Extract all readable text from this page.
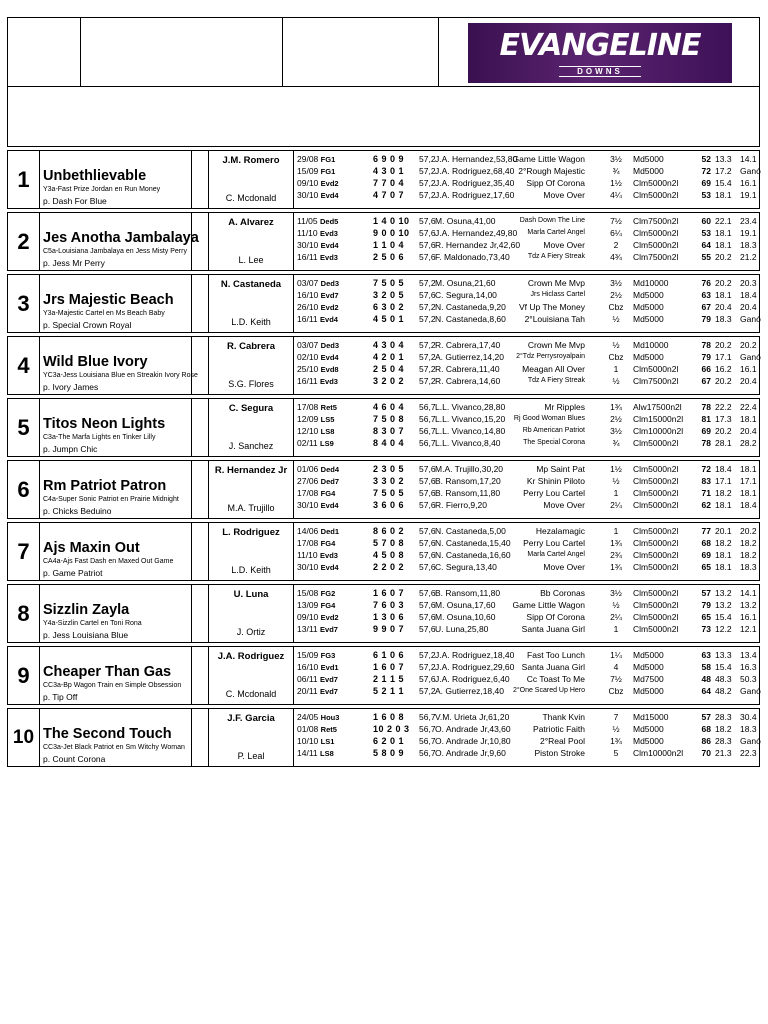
EVANGELINE
DOWNS
1 Unbethlievable
Y3a-Fast Prize Jordan en Run Money
p. Dash For Blue
J.M. Romero
C. Mcdonald
29/08 FG1	6 9 0 9 57,2 J.A. Hernandez,53,80
Game Little Wagon	3½	Md5000	52 13.3 14.1
15/09 FG1	4 3 0 1 57,2 J.A. Rodriguez,68,40 2°Rough Majestic	¾	Md5000	72 17.2 Ganó
09/10 Evd2	7 7 0 4 57,2 J.A. Rodriguez,35,40 Sipp Of Corona	1½	Clm5000n2l	69 15.4 16.1
30/10 Evd4	4 7 0 7 57,2 J.A. Rodriguez,17,60	Move Over	4¼	Clm5000n2l	53 18.1 19.1
2 Jes Anotha Jambalaya
C5a-Louisiana Jambalaya en Jess Misty Perry
p. Jess Mr Perry
A. Alvarez
L. Lee
11/05 Ded5	1 4 0 10 57,6 M. Osuna,41,00	Dash Down The Line	7½	Clm7500n2l	60 22.1 23.4
11/10 Evd3	9 0 0 10 57,6 J.A. Hernandez,49,80 Marla Cartel Angel	6¼	Clm5000n2l	53 18.1 19.1
30/10 Evd4	1 1 0 4 57,6 R. Hernandez Jr,42,60	Move Over	2	Clm5000n2l	64 18.1 18.3
16/11 Evd3	2 5 0 6 57,6 F. Maldonado,73,40	Tdz A Fiery Streak	4¾	Clm7500n2l	55 20.2 21.2
3 Jrs Majestic Beach
Y3a-Majestic Cartel en Ms Beach Baby
p. Special Crown Royal
N. Castaneda
L.D. Keith
03/07 Ded3	7 5 0 5 57,2 M. Osuna,21,60	Crown Me Mvp	3½	Md10000	76 20.2 20.3
16/10 Evd7	3 2 0 5 57,6 C. Segura,14,00	Jrs Hiclass Cartel	2½	Md5000	63 18.1 18.4
26/10 Evd2	6 3 0 2 57,2 N. Castaneda,9,20 Vf Up The Money	Cbz	Md5000	67 20.4 20.4
16/11 Evd4	4 5 0 1 57,2 N. Castaneda,8,60 2°Louisiana Tah	½	Md5000	79 18.3 Ganó
4 Wild Blue Ivory
YC3a-Jess Louisiana Blue en Streakin Ivory Rose
p. Ivory James
R. Cabrera
S.G. Flores
03/07 Ded3	4 3 0 4 57,2 R. Cabrera,17,40	Crown Me Mvp	½	Md10000	78 20.2 20.2
02/10 Evd4	4 2 0 1 57,2 A. Gutierrez,14,20 2°Tdz Perrysroyalpain	Cbz	Md5000	79 17.1 Ganó
25/10 Evd8	2 5 0 4 57,2 R. Cabrera,11,40	Meagan All Over	1	Clm5000n2l	66 16.2 16.1
16/11 Evd3	3 2 0 2 57,2 R. Cabrera,14,60	Tdz A Fiery Streak	½	Clm7500n2l	67 20.2 20.4
5 Titos Neon Lights
C3a-The Marfa Lights en Tinker Lilly
p. Jumpn Chic
C. Segura
J. Sanchez
17/08 Ret5	4 6 0 4 56,7 L.L. Vivanco,28,80	Mr Ripples	1¾	Alw17500n2l	78 22.2 22.4
12/09 LS5	7 5 0 8 56,7 L.L. Vivanco,15,20 Rj Good Woman Blues	2½	Clm15000n2l	81 17.3 18.1
12/10 LS8	8 3 0 7 56,7 L.L. Vivanco,14,80 Rb American Patriot	3½	Clm10000n2l	69 20.2 20.4
02/11 LS9	8 4 0 4 56,7 L.L. Vivanco,8,40	The Special Corona	¾	Clm5000n2l	78 28.1 28.2
6 Rm Patriot Patron
C4a-Super Sonic Patriot en Prairie Midnight
p. Chicks Beduino
R. Hernandez Jr
M.A. Trujillo
01/06 Ded4	2 3 0 5 57,6 M.A. Trujillo,30,20	Mp Saint Pat	1½	Clm5000n2l	72 18.4 18.1
27/06 Ded7	3 3 0 2 57,6 B. Ransom,17,20	Kr Shinin Piloto	½	Clm5000n2l	83 17.1 17.1
17/08 FG4	7 5 0 5 57,6 B. Ransom,11,80	Perry Lou Cartel	1	Clm5000n2l	71 18.2 18.1
30/10 Evd4	3 6 0 6 57,6 R. Fierro,9,20	Move Over	2¼	Clm5000n2l	62 18.1 18.4
7 Ajs Maxin Out
CA4a-Ajs Fast Dash en Maxed Out Game
p. Game Patriot
L. Rodriguez
L.D. Keith
14/06 Ded1	8 6 0 2 57,6 N. Castaneda,5,00	Hezalamagic	1	Clm5000n2l	77 20.1 20.2
17/08 FG4	5 7 0 8 57,6 N. Castaneda,15,40 Perry Lou Cartel	1¾	Clm5000n2l	68 18.2 18.2
11/10 Evd3	4 5 0 8 57,6 N. Castaneda,16,60 Marla Cartel Angel	2¾	Clm5000n2l	69 18.1 18.2
30/10 Evd4	2 2 0 2 57,6 C. Segura,13,40	Move Over	1¾	Clm5000n2l	65 18.1 18.3
8 Sizzlin Zayla
Y4a-Sizzlin Cartel en Toni Rona
p. Jess Louisiana Blue
U. Luna
J. Ortiz
15/08 FG2	1 6 0 7 57,6 B. Ransom,11,80	Bb Coronas	3½	Clm5000n2l	57 13.2 14.1
13/09 FG4	7 6 0 3 57,6 M. Osuna,17,60 Game Little Wagon	½	Clm5000n2l	79 13.2 13.2
09/10 Evd2	1 3 0 6 57,6 M. Osuna,10,60	Sipp Of Corona	2¼	Clm5000n2l	65 15.4 16.1
13/11 Evd7	9 9 0 7 57,6 U. Luna,25,80	Santa Juana Girl	1	Clm5000n2l	73 12.2 12.1
9 Cheaper Than Gas
CC3a-Bp Wagon Train en Simple Obsession
p. Tip Off
J.A. Rodriguez
C. Mcdonald
15/09 FG3	6 1 0 6 57,2 J.A. Rodriguez,18,40 Fast Too Lunch	1¼	Md5000	63 13.3 13.4
16/10 Evd1	1 6 0 7 57,2 J.A. Rodriguez,29,60 Santa Juana Girl	4	Md5000	58 15.4 16.3
06/11 Evd7	2 1 1 5 57,6 J.A. Rodriguez,6,40 Cc Toast To Me	7½	Md7500	48 48.3 50.3
20/11 Evd7	5 2 1 1 57,2 A. Gutierrez,18,40 2°One Scared Up Hero	Cbz	Md5000	64 48.2 Ganó
10 The Second Touch
CC3a-Jet Black Patriot en Sm Witchy Woman
p. Count Corona
J.F. Garcia
P. Leal
24/05 Hou3	1 6 0 8 56,7 V.M. Urieta Jr,61,20	Thank Kvin	7	Md15000	57 28.3 30.4
01/08 Ret5	10 2 0 3 56,7 O. Andrade Jr,43,60	Patriotic Faith	½	Md5000	68 18.2 18.3
10/10 LS1	6 2 0 1 56,7 O. Andrade Jr,10,80	2°Real Pool	1¾	Md5000	86 28.3 Ganó
14/11 LS8	5 8 0 9 56,7 O. Andrade Jr,9,60	Piston Stroke	5	Clm10000n2l	70 21.3 22.3
